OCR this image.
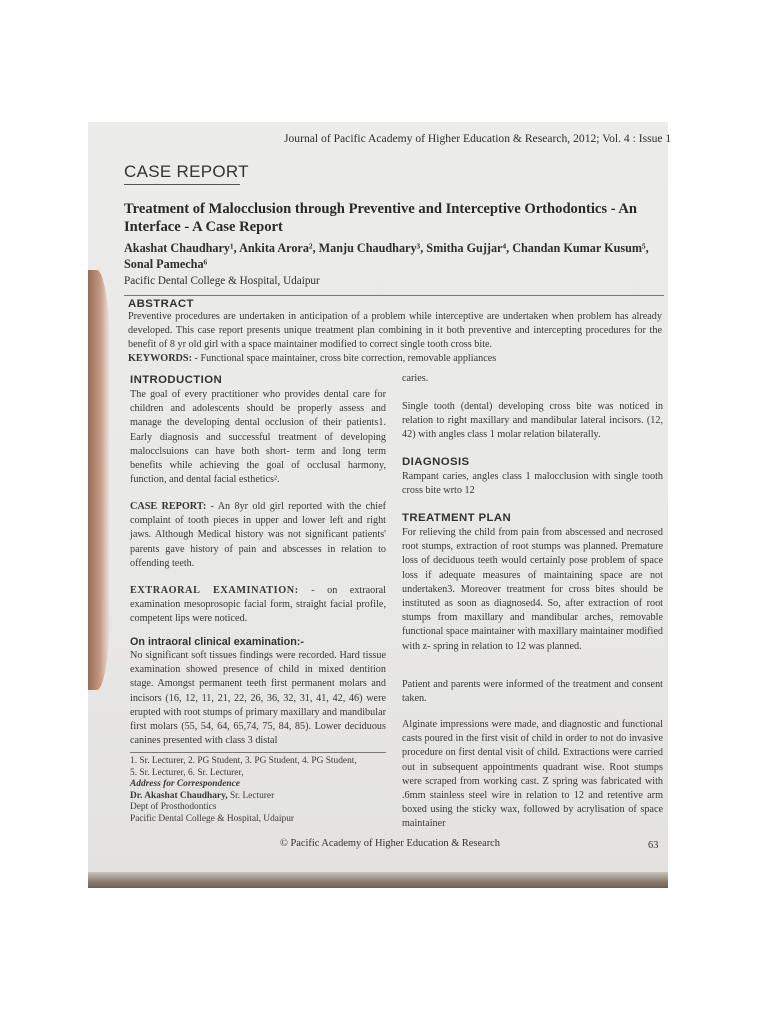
Journal of Pacific Academy of Higher Education & Research, 2012; Vol. 4 : Issue 1
CASE REPORT
Treatment of Malocclusion through Preventive and Interceptive Orthodontics - An Interface - A Case Report
Akashat Chaudhary¹, Ankita Arora², Manju Chaudhary³, Smitha Gujjar⁴, Chandan Kumar Kusum⁵, Sonal Pamecha⁶
Pacific Dental College & Hospital, Udaipur
ABSTRACT
Preventive procedures are undertaken in anticipation of a problem while interceptive are undertaken when problem has already developed. This case report presents unique treatment plan combining in it both preventive and intercepting procedures for the benefit of 8 yr old girl with a space maintainer modified to correct single tooth cross bite.
KEYWORDS: - Functional space maintainer, cross bite correction, removable appliances
INTRODUCTION
The goal of every practitioner who provides dental care for children and adolescents should be properly assess and manage the developing dental occlusion of their patients1. Early diagnosis and successful treatment of developing malocclsuions can have both short- term and long term benefits while achieving the goal of occlusal harmony, function, and dental facial esthetics².
CASE REPORT: - An 8yr old girl reported with the chief complaint of tooth pieces in upper and lower left and right jaws. Although Medical history was not significant patients' parents gave history of pain and abscesses in relation to offending teeth.
EXTRAORAL EXAMINATION: - on extraoral examination mesoprosopic facial form, straight facial profile, competent lips were noticed.
On intraoral clinical examination:-
No significant soft tissues findings were recorded. Hard tissue examination showed presence of child in mixed dentition stage. Amongst permanent teeth first permanent molars and incisors (16, 12, 11, 21, 22, 26, 36, 32, 31, 41, 42, 46) were erupted with root stumps of primary maxillary and mandibular first molars (55, 54, 64, 65,74, 75, 84, 85). Lower deciduous canines presented with class 3 distal
1. Sr. Lecturer, 2. PG Student, 3. PG Student, 4. PG Student,
5. Sr. Lecturer, 6. Sr. Lecturer,
Address for Correspondence
Dr. Akashat Chaudhary, Sr. Lecturer
Dept of Prosthodontics
Pacific Dental College & Hospital, Udaipur
caries.
Single tooth (dental) developing cross bite was noticed in relation to right maxillary and mandibular lateral incisors. (12, 42) with angles class 1 molar relation bilaterally.
DIAGNOSIS
Rampant caries, angles class 1 malocclusion with single tooth cross bite wrto 12
TREATMENT PLAN
For relieving the child from pain from abscessed and necrosed root stumps, extraction of root stumps was planned. Premature loss of deciduous teeth would certainly pose problem of space loss if adequate measures of maintaining space are not undertaken3. Moreover treatment for cross bites should be instituted as soon as diagnosed4. So, after extraction of root stumps from maxillary and mandibular arches, removable functional space maintainer with maxillary maintainer modified with z- spring in relation to 12 was planned.
Patient and parents were informed of the treatment and consent taken.
Alginate impressions were made, and diagnostic and functional casts poured in the first visit of child in order to not do invasive procedure on first dental visit of child. Extractions were carried out in subsequent appointments quadrant wise. Root stumps were scraped from working cast. Z spring was fabricated with .6mm stainless steel wire in relation to 12 and retentive arm boxed using the sticky wax, followed by acrylisation of space maintainer
© Pacific Academy of Higher Education & Research	63
